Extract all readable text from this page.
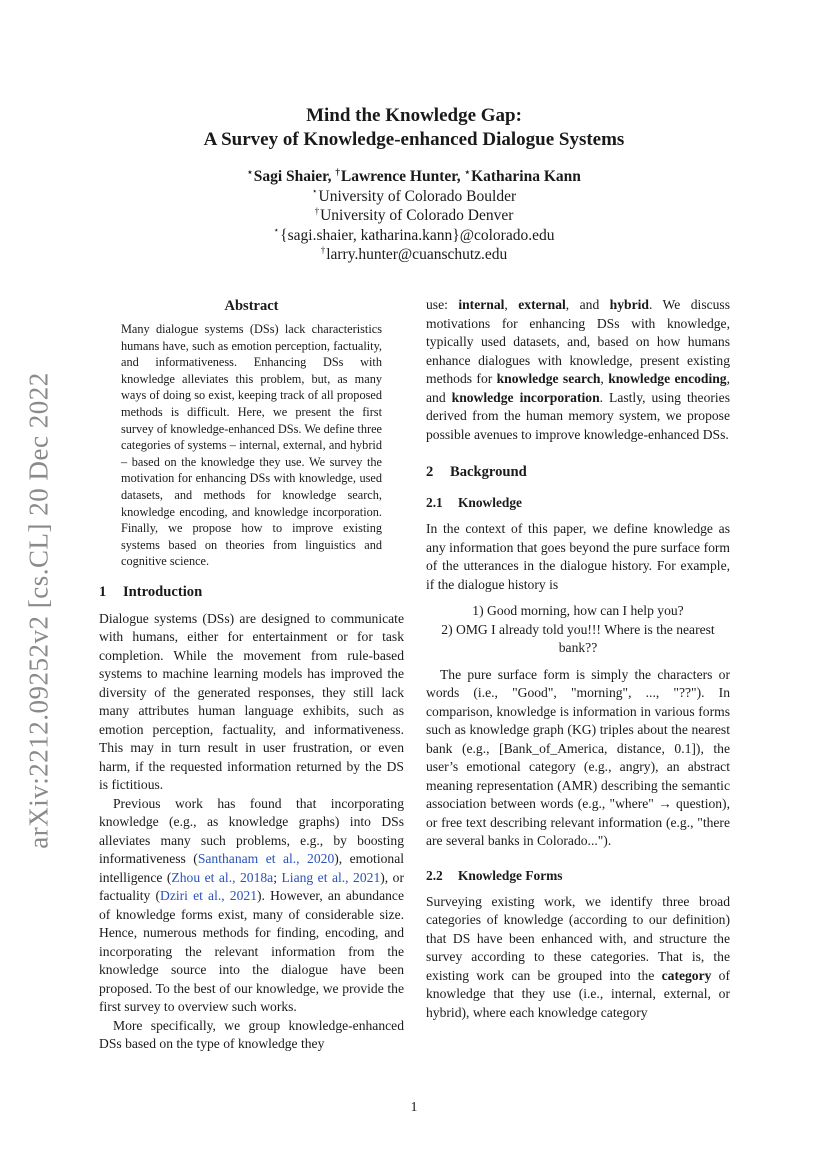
arXiv:2212.09252v2 [cs.CL] 20 Dec 2022
Mind the Knowledge Gap:
A Survey of Knowledge-enhanced Dialogue Systems
⋆Sagi Shaier, †Lawrence Hunter, ⋆Katharina Kann
⋆University of Colorado Boulder
†University of Colorado Denver
⋆{sagi.shaier, katharina.kann}@colorado.edu
†larry.hunter@cuanschutz.edu
Abstract
Many dialogue systems (DSs) lack characteristics humans have, such as emotion perception, factuality, and informativeness. Enhancing DSs with knowledge alleviates this problem, but, as many ways of doing so exist, keeping track of all proposed methods is difficult. Here, we present the first survey of knowledge-enhanced DSs. We define three categories of systems – internal, external, and hybrid – based on the knowledge they use. We survey the motivation for enhancing DSs with knowledge, used datasets, and methods for knowledge search, knowledge encoding, and knowledge incorporation. Finally, we propose how to improve existing systems based on theories from linguistics and cognitive science.
1 Introduction

Dialogue systems (DSs) are designed to communicate with humans, either for entertainment or for task completion. While the movement from rule-based systems to machine learning models has improved the diversity of the generated responses, they still lack many attributes human language exhibits, such as emotion perception, factuality, and informativeness. This may in turn result in user frustration, or even harm, if the requested information returned by the DS is fictitious.

Previous work has found that incorporating knowledge (e.g., as knowledge graphs) into DSs alleviates many such problems, e.g., by boosting informativeness (Santhanam et al., 2020), emotional intelligence (Zhou et al., 2018a; Liang et al., 2021), or factuality (Dziri et al., 2021). However, an abundance of knowledge forms exist, many of considerable size. Hence, numerous methods for finding, encoding, and incorporating the relevant information from the knowledge source into the dialogue have been proposed. To the best of our knowledge, we provide the first survey to overview such works.

More specifically, we group knowledge-enhanced DSs based on the type of knowledge they

use: internal, external, and hybrid. We discuss motivations for enhancing DSs with knowledge, typically used datasets, and, based on how humans enhance dialogues with knowledge, present existing methods for knowledge search, knowledge encoding, and knowledge incorporation. Lastly, using theories derived from the human memory system, we propose possible avenues to improve knowledge-enhanced DSs.

2 Background
2.1 Knowledge

In the context of this paper, we define knowledge as any information that goes beyond the pure surface form of the utterances in the dialogue history. For example, if the dialogue history is

1) Good morning, how can I help you?
2) OMG I already told you!!! Where is the nearest bank??

The pure surface form is simply the characters or words (i.e., "Good", "morning", ..., "??"). In comparison, knowledge is information in various forms such as knowledge graph (KG) triples about the nearest bank (e.g., [Bank_of_America, distance, 0.1]), the user’s emotional category (e.g., angry), an abstract meaning representation (AMR) describing the semantic association between words (e.g., "where" → question), or free text describing relevant information (e.g., "there are several banks in Colorado...").

2.2 Knowledge Forms

Surveying existing work, we identify three broad categories of knowledge (according to our definition) that DS have been enhanced with, and structure the survey according to these categories. That is, the existing work can be grouped into the category of knowledge that they use (i.e., internal, external, or hybrid), where each knowledge category

1
